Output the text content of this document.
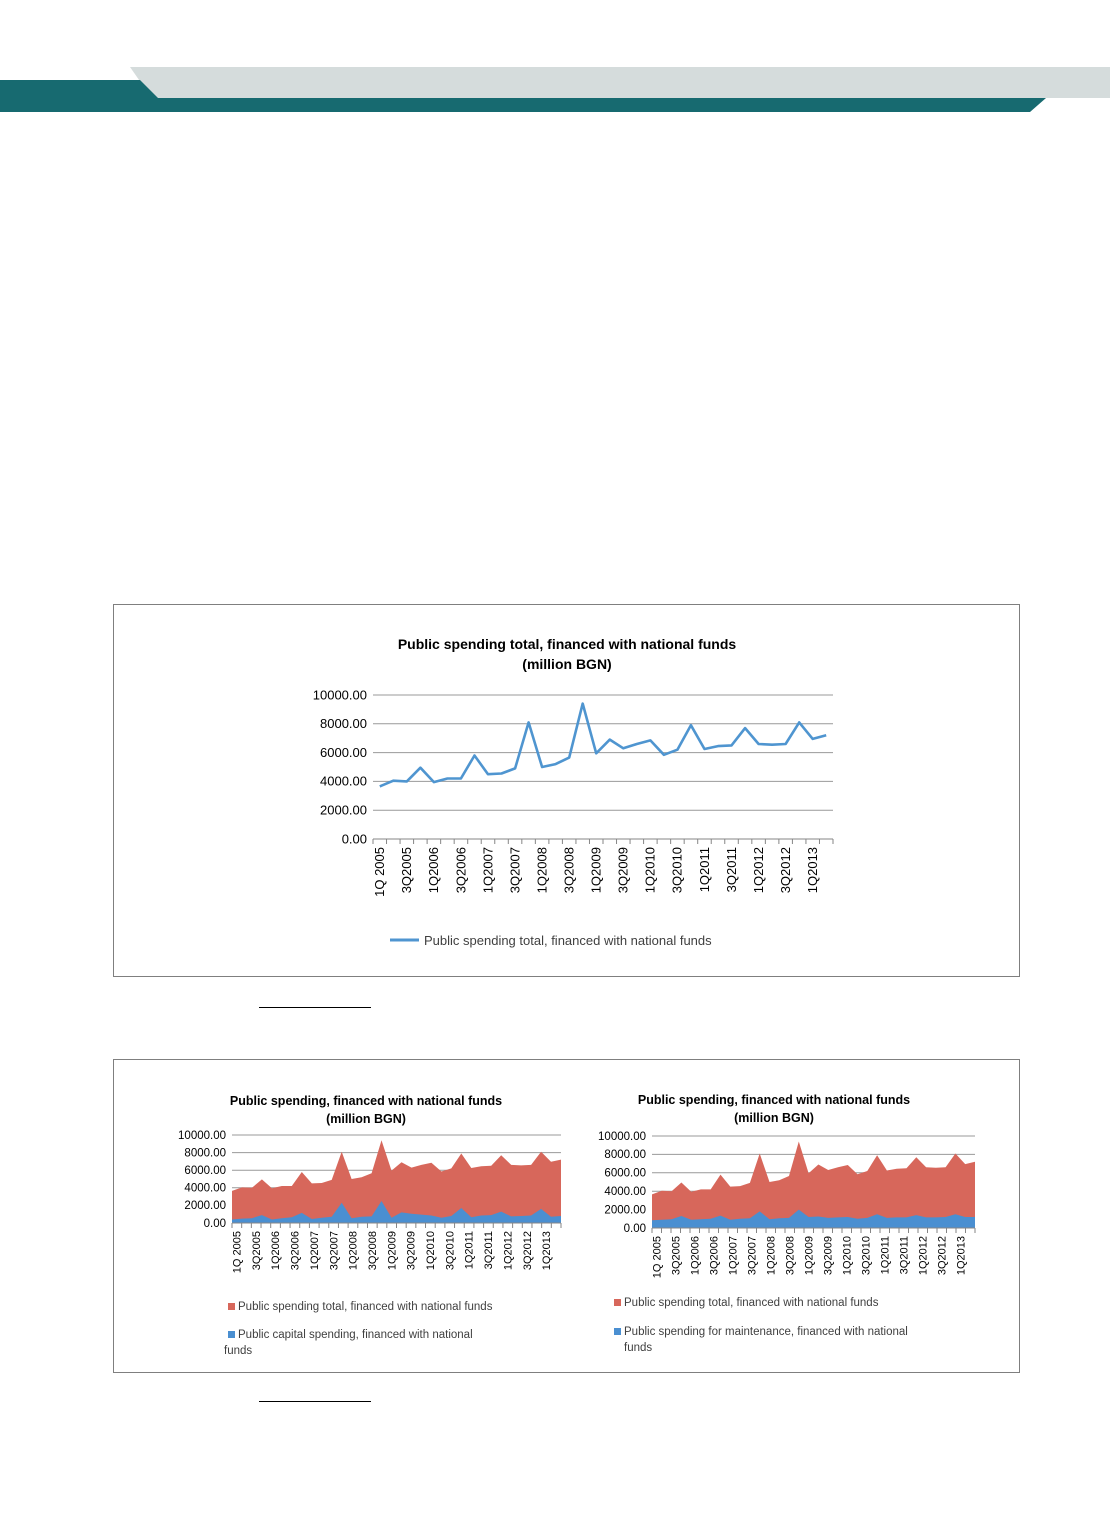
Public spending total, financed with national funds
(million BGN)
10000.00
8000.00
6000.00
4000.00
2000.00
0.00
1Q 2005 3Q2005 1Q2006 3Q2006 1Q2007 3Q2007 1Q2008 3Q2008 1Q2009 3Q2009 1Q2010 3Q2010 1Q2011 3Q2011 1Q2012 3Q2012 1Q2013
Public spending total, financed with national funds
Public spending, financed with national funds
(million BGN)
10000.00
8000.00
6000.00
4000.00
2000.00
0.00
1Q 2005 3Q2005 1Q2006 3Q2006 1Q2007 3Q2007 1Q2008 3Q2008 1Q2009 3Q2009 1Q2010 3Q2010 1Q2011 3Q2011 1Q2012 3Q2012 1Q2013
Public spending total, financed with national funds
Public capital spending, financed with national funds
Public spending, financed with national funds
(million BGN)
10000.00
8000.00
6000.00
4000.00
2000.00
0.00
1Q 2005 3Q2005 1Q2006 3Q2006 1Q2007 3Q2007 1Q2008 3Q2008 1Q2009 3Q2009 1Q2010 3Q2010 1Q2011 3Q2011 1Q2012 3Q2012 1Q2013
Public spending total, financed with national funds
Public spending for maintenance, financed with national funds
